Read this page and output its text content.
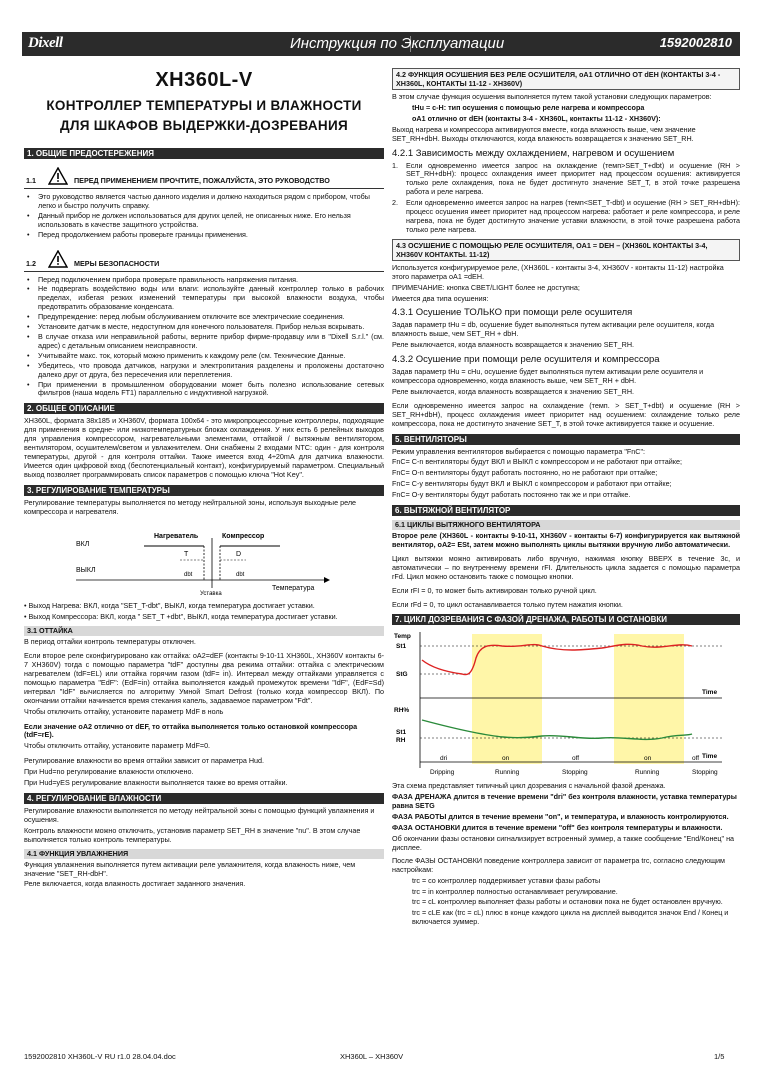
Dixell	Инструкция по Эксплуатации	1592002810
XH360L-V
КОНТРОЛЛЕР ТЕМПЕРАТУРЫ И ВЛАЖНОСТИ
ДЛЯ ШКАФОВ ВЫДЕРЖКИ-ДОЗРЕВАНИЯ
1. ОБЩИЕ ПРЕДОСТЕРЕЖЕНИЯ
1.1	ПЕРЕД ПРИМЕНЕНИЕМ ПРОЧТИТЕ, ПОЖАЛУЙСТА, ЭТО РУКОВОДСТВО
• Это руководство является частью данного изделия и должно находиться рядом с прибором, чтобы легко и быстро получить справку.
• Данный прибор не должен использоваться для других целей, не описанных ниже. Его нельзя использовать в качестве защитного устройства.
• Перед продолжением работы проверьте границы применения.
1.2	МЕРЫ БЕЗОПАСНОСТИ
• Перед подключением прибора проверьте правильность напряжения питания.
• Не подвергать воздействию воды или влаги: используйте данный контроллер только в рабочих пределах, избегая резких изменений температуры при высокой влажности воздуха, чтобы предотвратить образование конденсата.
• Предупреждение: перед любым обслуживанием отключите все электрические соединения.
• Установите датчик в месте, недоступном для конечного пользователя. Прибор нельзя вскрывать.
• В случае отказа или неправильной работы, верните прибор фирме-продавцу или в "Dixell S.r.l." (см. адрес) с детальным описанием неисправности.
• Учитывайте макс. ток, который можно применить к каждому реле (см. Технические Данные.
• Убедитесь, что провода датчиков, нагрузки и электропитания разделены и проложены достаточно далеко друг от друга, без пересечения или переплетения.
• При применении в промышленном оборудовании может быть полезно использование сетевых фильтров (наша модель FT1) параллельно с индуктивной нагрузкой.
2. ОБЩЕЕ ОПИСАНИЕ

XH360L, формата 38x185 и XH360V, формата 100x64 - это микропроцессорные контроллеры, подходящие для применения в средне- или низкотемпературных блоках охлаждения. У них есть 6 релейных выходов для управления компрессором, нагревательными элементами, оттайкой / вытяжным вентилятором, вентилятором, осушителем/светом и увлажнителем. Они снабжены 2 входами NTC: один - для контроля температуры, другой - для контроля оттайки. Также имеется вход 4÷20mA для датчика влажности. Имеется один цифровой вход (беспотенциальный контакт), конфигурируемый параметром. Специальный выход позволяет программировать список параметров с помощью ключа "Hot Key".

3. РЕГУЛИРОВАНИЕ ТЕМПЕРАТУРЫ

Регулирование температуры выполняется по методу нейтральной зоны, используя выходные реле компрессора и нагревателя.

ВКЛ
ВЫКЛ
Нагреватель	Компрессор
T	D
dbt	dbt
Уставка
Температура

• Выход Нагрева: ВКЛ, когда "SET_T-dbt", ВЫКЛ, когда температура достигает уставки.

• Выход Компрессора: ВКЛ, когда " SET_T +dbt", ВЫКЛ, когда температура достигает уставки.

3.1 ОТТАЙКА

В период оттайки контроль температуры отключен.

Если второе реле сконфигурировано как оттайка: oA2=dEF (контакты 9-10-11 XH360L, XH360V контакты 6-7 XH360V) тогда с помощью параметра "tdF" доступны два режима оттайки: оттайка с электрическим нагревателем (tdF=EL) или оттайка горячим газом (tdF= in). Интервал между оттайками управляется с помощью параметра "EdF": (EdF=in) оттайка выполняется каждый промежуток времени "IdF", (EdF=Sd) интервал "IdF" вычисляется по алгоритму Умной Smart Defrost (только когда компрессор ВКЛ). По окончании оттайки начинается время стекания капель, задаваемое параметром "Fdt".

Чтобы отключить оттайку, установите параметр MdF в ноль

Если значение oA2 отлично от dEF, то оттайка выполняется только остановкой компрессора (tdF=rE).

Чтобы отключить оттайку, установите параметр MdF=0.

Регулирование влажности во время оттайки зависит от параметра Hud.

При Hud=no регулирование влажности отключено.

При Hud=yES регулирование влажности выполняется также во время оттайки.

4. РЕГУЛИРОВАНИЕ ВЛАЖНОСТИ

Регулирование влажности выполняется по методу нейтральной зоны с помощью функций увлажнения и осушения.

Контроль влажности можно отключить, установив параметр SET_RH в значение "nu". В этом случае выполняется только контроль температуры.

4.1 ФУНКЦИЯ УВЛАЖНЕНИЯ

Функция увлажнения выполняется путем активации реле увлажнителя, когда влажность ниже, чем значение "SET_RH-dbH".

Реле включается, когда влажность достигает заданного значения.

4.2 ФУНКЦИЯ ОСУШЕНИЯ БЕЗ РЕЛЕ ОСУШИТЕЛЯ, oA1 ОТЛИЧНО ОТ dEH (КОНТАКТЫ 3-4 - XH360L, КОНТАКТЫ 11-12 - XH360V)

В этом случае функция осушения выполняется путем такой установки следующих параметров:

tHu = c-H: тип осушения с помощью реле нагрева и компрессора

oA1 отлично от dEH (контакты 3-4 - XH360L, контакты 11-12 - XH360V):

Выход нагрева и компрессора активируются вместе, когда влажность выше, чем значение SET_RH+dbH. Выходы отключаются, когда влажность возвращается к значению SET_RH.

4.2.1 Зависимость между охлаждением, нагревом и осушением
1. Если одновременно имеется запрос на охлаждение (темп>SET_T+dbt) и осушение (RH > SET_RH+dbH): процесс охлаждения имеет приоритет над процессом осушения: активируется только реле охлаждения, пока не будет достигнуто значение SET_T, в этой точке разрешена работа и реле нагрева.
2. Если одновременно имеется запрос на нагрев (темп<SET_T-dbt) и осушение (RH > SET_RH+dbH): процесс осушения имеет приоритет над процессом нагрева: работает и реле компрессора, и реле нагрева, пока не будет достигнуто значение уставки влажности, в этой точке разрешена работа только реле нагрева.
4.3 ОСУШЕНИЕ С ПОМОЩЬЮ РЕЛЕ ОСУШИТЕЛЯ, OA1 = DEH – (XH360L КОНТАКТЫ 3-4, XH360V КОНТАКТЫ. 11-12)

Используется конфигурируемое реле, (XH360L - контакты 3-4, XH360V - контакты 11-12) настройка этого параметра oA1 =dEH.

ПРИМЕЧАНИЕ: кнопка CBET/LIGHT более не доступна;

Имеется два типа осушения:

4.3.1 Осушение ТОЛЬКО при помощи реле осушителя

Задав параметр tHu = db, осушение будет выполняться путем активации реле осушителя, когда влажность выше, чем SET_RH + dbH.

Реле выключается, когда влажность возвращается к значению SET_RH.

4.3.2 Осушение при помощи реле осушителя и компрессора

Задав параметр tHu = cHu, осушение будет выполняться путем активации реле осушителя и компрессора одновременно, когда влажность выше, чем SET_RH + dbH.

Реле выключается, когда влажность возвращается к значению SET_RH.

Если одновременно имеется запрос на охлаждение (темп. > SET_T+dbt) и осушение (RH > SET_RH+dbH), процесс охлаждения имеет приоритет над осушением: охлаждение только реле компрессора, пока не достигнуто значение SET_T, в этой точке активируется также и осушение.

5. ВЕНТИЛЯТОРЫ

Режим управления вентиляторов выбирается с помощью параметра "FnC":

FnC= C-n вентиляторы будут ВКЛ и ВЫКЛ с компрессором и не работают при оттайке;

FnC= O-n вентиляторы будут работать постоянно, но не работают при оттайке;

FnC= C-y вентиляторы будут ВКЛ и ВЫКЛ с компрессором и работают при оттайке;

FnC= O-y вентиляторы будут работать постоянно так же и при оттайке.

6. ВЫТЯЖНОЙ ВЕНТИЛЯТОР
6.1 ЦИКЛЫ ВЫТЯЖНОГО ВЕНТИЛЯТОРА

Второе реле (XH360L - контакты 9-10-11, XH360V - контакты 6-7) конфигурируется как вытяжной вентилятор, oA2= ESt, затем можно выполнять циклы вытяжки вручную либо автоматически.

Цикл вытяжки можно активировать либо вручную, нажимая кнопку ВВЕРХ в течение 3с, и автоматически – по внутреннему времени rFI. Длительность цикла задается с помощью параметра rFd. Цикл можно остановить также с помощью кнопки.

Если rFI = 0, то может быть активирован только ручной цикл.

Если rFd = 0, то цикл останавливается только путем нажатия кнопки.

7. ЦИКЛ ДОЗРЕВАНИЯ С ФАЗОЙ ДРЕНАЖА, РАБОТЫ И ОСТАНОВКИ
Temp
St1
StG
Time
RH%
St1
RH
Time
dri	on	off	on	off
Dripping	Running	Stopping	Running	Stopping

Эта схема представляет типичный цикл дозревания с начальной фазой дренажа.

ФАЗА ДРЕНАЖА длится в течение времени "dri" без контроля влажности, уставка температуры равна SETG

ФАЗА РАБОТЫ длится в течение времени "on", и температура, и влажность контролируются.

ФАЗА ОСТАНОВКИ длится в течение времени "off" без контроля температуры и влажности.

Об окончании фазы остановки сигнализирует встроенный зуммер, а также сообщение "End/Конец" на дисплее.

После ФАЗЫ ОСТАНОВКИ поведение контроллера зависит от параметра trc, согласно следующим настройкам:

trc = co контроллер поддерживает уставки фазы работы

trc = in контроллер полностью останавливает регулирование.

trc = cL контроллер выполняет фазы работы и остановки пока не будет остановлен вручную.

trc = cLE как (trc = cL) плюс в конце каждого цикла на дисплей выводится значок End / Конец и включается зуммер.

1592002810 XH360L-V RU r1.0 28.04.04.doc	XH360L – XH360V	1/5
